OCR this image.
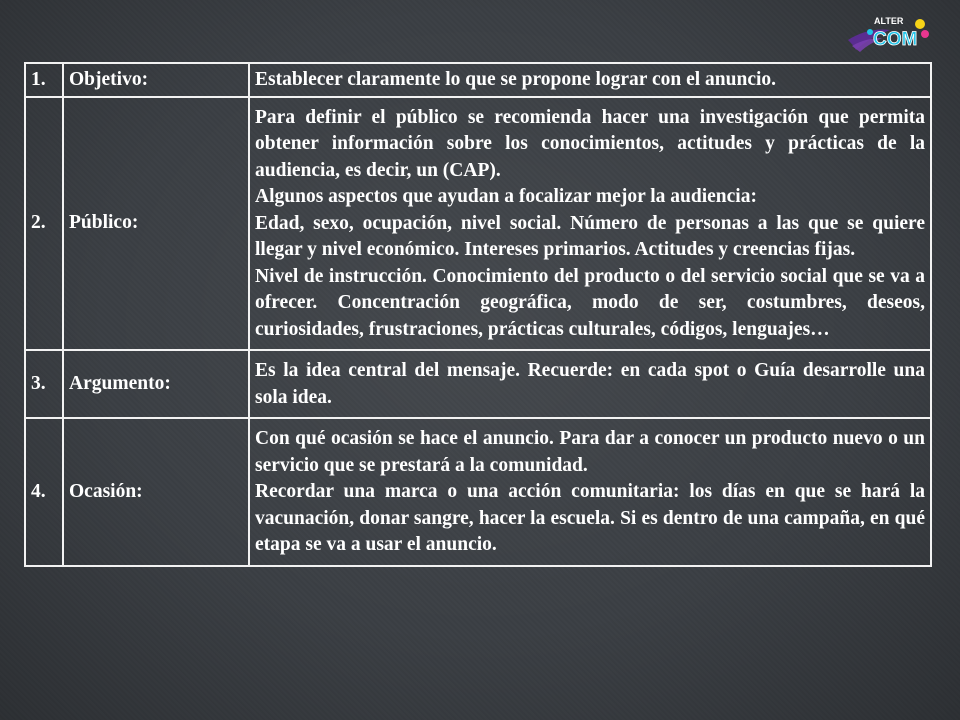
ALTER
COM
1.	Objetivo:	Establecer claramente lo que se propone lograr con el anuncio.

2.	Público:	Para definir el público se recomienda hacer una investigación que permita obtener información sobre los conocimientos, actitudes y prácticas de la audiencia, es decir, un (CAP).
Algunos aspectos que ayudan a focalizar mejor la audiencia:
Edad, sexo, ocupación, nivel social. Número de personas a las que se quiere llegar y nivel económico. Intereses primarios. Actitudes y creencias fijas.
Nivel de instrucción. Conocimiento del producto o del servicio social que se va a ofrecer. Concentración geográfica, modo de ser, costumbres, deseos, curiosidades, frustraciones, prácticas culturales, códigos, lenguajes…

3.	Argumento:	Es la idea central del mensaje. Recuerde: en cada spot o Guía desarrolle una sola idea.

4.	Ocasión:	Con qué ocasión se hace el anuncio. Para dar a conocer un producto nuevo o un servicio que se prestará a la comunidad.
Recordar una marca o una acción comunitaria: los días en que se hará la vacunación, donar sangre, hacer la escuela. Si es dentro de una campaña, en qué etapa se va a usar el anuncio.
